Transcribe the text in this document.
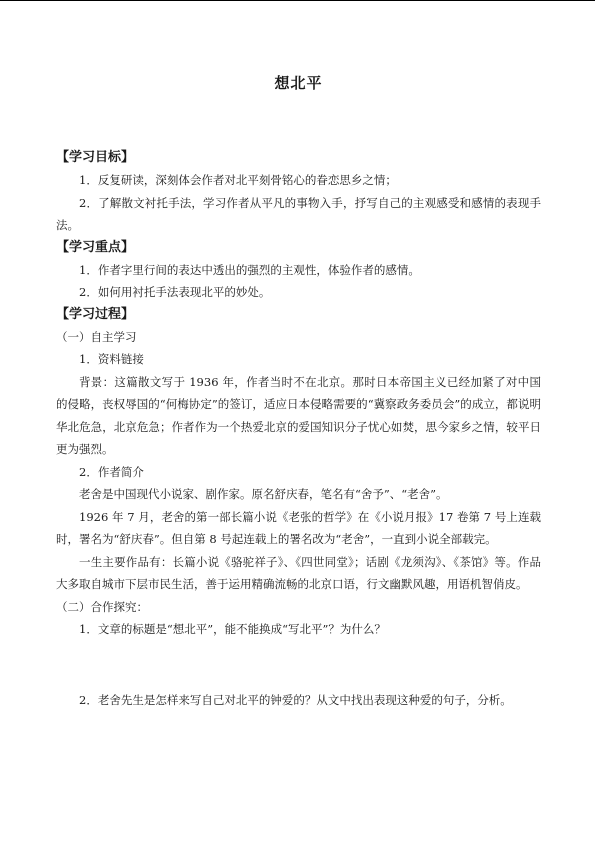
想北平

【学习目标】

1．反复研读，深刻体会作者对北平刻骨铭心的眷恋思乡之情；

2．了解散文衬托手法，学习作者从平凡的事物入手，抒写自己的主观感受和感情的表现手法。

【学习重点】

1．作者字里行间的表达中透出的强烈的主观性，体验作者的感情。

2．如何用衬托手法表现北平的妙处。

【学习过程】

（一）自主学习

1．资料链接

背景：这篇散文写于 1936 年，作者当时不在北京。那时日本帝国主义已经加紧了对中国的侵略，丧权辱国的“何梅协定”的签订，适应日本侵略需要的“冀察政务委员会”的成立，都说明华北危急，北京危急；作者作为一个热爱北京的爱国知识分子忧心如焚，思今家乡之情，较平日更为强烈。

2．作者简介

老舍是中国现代小说家、剧作家。原名舒庆春，笔名有“舍予”、“老舍”。

1926 年 7 月，老舍的第一部长篇小说《老张的哲学》在《小说月报》17 卷第 7 号上连载时，署名为“舒庆春”。但自第 8 号起连载上的署名改为“老舍”，一直到小说全部载完。

一生主要作品有：长篇小说《骆驼祥子》、《四世同堂》；话剧《龙须沟》、《茶馆》等。作品大多取自城市下层市民生活，善于运用精确流畅的北京口语，行文幽默风趣，用语机智俏皮。

（二）合作探究：

1．文章的标题是“想北平”，能不能换成“写北平”？为什么？

2．老舍先生是怎样来写自己对北平的钟爱的？从文中找出表现这种爱的句子，分析。
